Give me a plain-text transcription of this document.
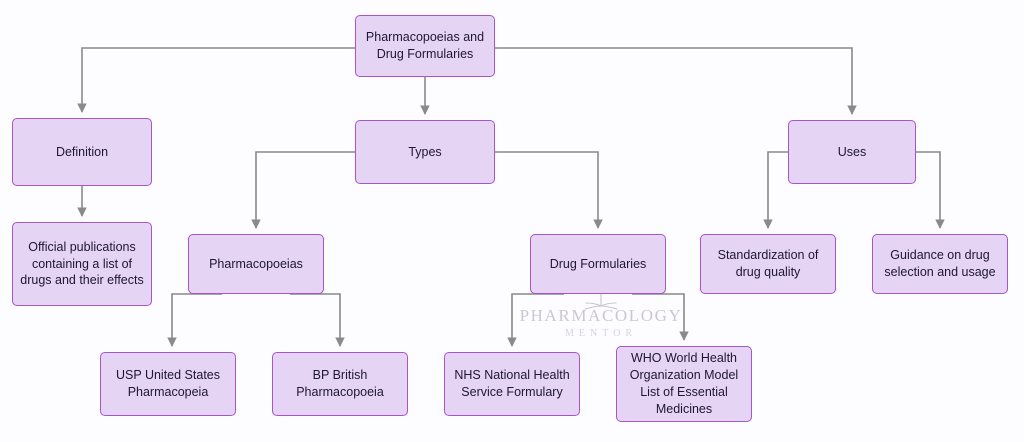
PHARMACOLOGY
MENTOR
Pharmacopoeias and Drug Formularies
Definition	Types	Uses
Official publications containing a list of drugs and their effects
Pharmacopoeias	Drug Formularies
Standardization of drug quality
Guidance on drug selection and usage
USP United States Pharmacopeia
BP British Pharmacopoeia
NHS National Health Service Formulary
WHO World Health Organization Model List of Essential Medicines
